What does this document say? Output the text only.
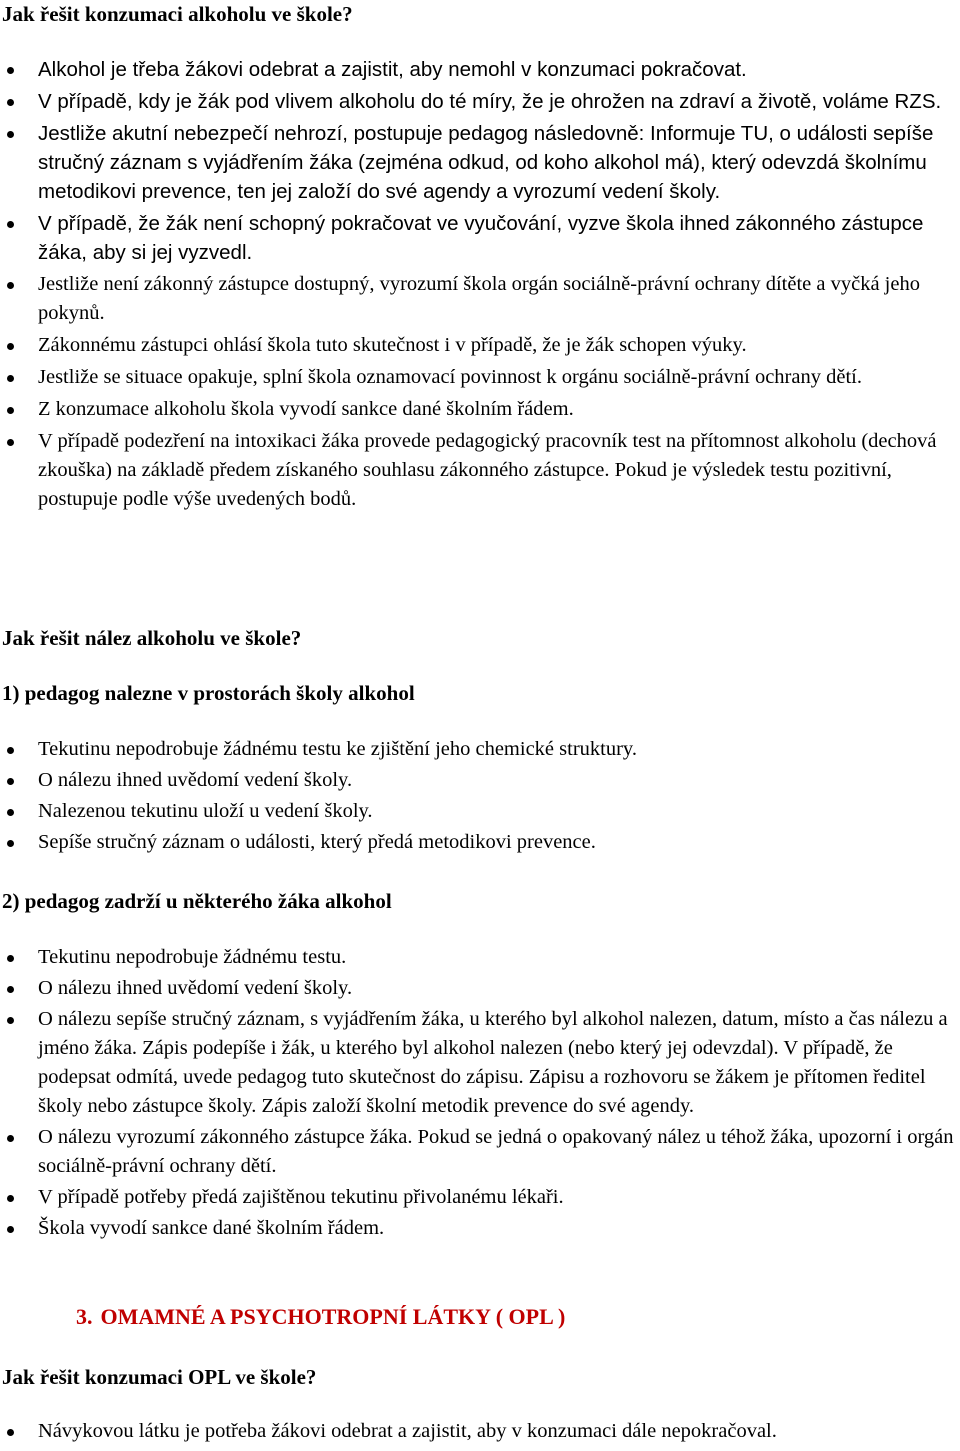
Jak řešit konzumaci alkoholu ve škole?
Alkohol je třeba žákovi odebrat a zajistit, aby nemohl v konzumaci pokračovat.
V případě, kdy je žák pod vlivem alkoholu do té míry, že je ohrožen na zdraví a životě, voláme RZS.
Jestliže akutní nebezpečí nehrozí, postupuje pedagog následovně: Informuje TU, o události sepíše stručný záznam s vyjádřením žáka (zejména odkud, od koho alkohol má), který odevzdá školnímu metodikovi prevence, ten jej založí do své agendy a vyrozumí vedení školy.
V případě, že žák není schopný pokračovat ve vyučování, vyzve škola ihned zákonného zástupce žáka, aby si jej vyzvedl.
Jestliže není zákonný zástupce dostupný, vyrozumí škola orgán sociálně-právní ochrany dítěte a vyčká jeho pokynů.
Zákonnému zástupci ohlásí škola tuto skutečnost i v případě, že je žák schopen výuky.
Jestliže se situace opakuje, splní škola oznamovací povinnost k orgánu sociálně-právní ochrany dětí.
Z konzumace alkoholu škola vyvodí sankce dané školním řádem.
V případě podezření na intoxikaci žáka provede pedagogický pracovník test na přítomnost alkoholu (dechová zkouška) na základě předem získaného souhlasu zákonného zástupce. Pokud je výsledek testu pozitivní, postupuje podle výše uvedených bodů.
Jak řešit nález alkoholu ve škole?
1) pedagog nalezne v prostorách školy alkohol
Tekutinu nepodrobuje žádnému testu ke zjištění jeho chemické struktury.
O nálezu ihned uvědomí vedení školy.
Nalezenou tekutinu uloží u vedení školy.
Sepíše stručný záznam o události, který předá metodikovi prevence.
2) pedagog zadrží u některého žáka alkohol
Tekutinu nepodrobuje žádnému testu.
O nálezu ihned uvědomí vedení školy.
O nálezu sepíše stručný záznam, s vyjádřením žáka, u kterého byl alkohol nalezen, datum, místo a čas nálezu a jméno žáka. Zápis podepíše i žák, u kterého byl alkohol nalezen (nebo který jej odevzdal). V případě, že podepsat odmítá, uvede pedagog tuto skutečnost do zápisu. Zápisu a rozhovoru se žákem je přítomen ředitel školy nebo zástupce školy. Zápis založí školní metodik prevence do své agendy.
O nálezu vyrozumí zákonného zástupce žáka. Pokud se jedná o opakovaný nález u téhož žáka, upozorní i orgán sociálně-právní ochrany dětí.
V případě potřeby předá zajištěnou tekutinu přivolanému lékaři.
Škola vyvodí sankce dané školním řádem.
3. OMAMNÉ A PSYCHOTROPNÍ LÁTKY ( OPL )
Jak řešit konzumaci OPL ve škole?
Návykovou látku je potřeba žákovi odebrat a zajistit, aby v konzumaci dále nepokračoval.
